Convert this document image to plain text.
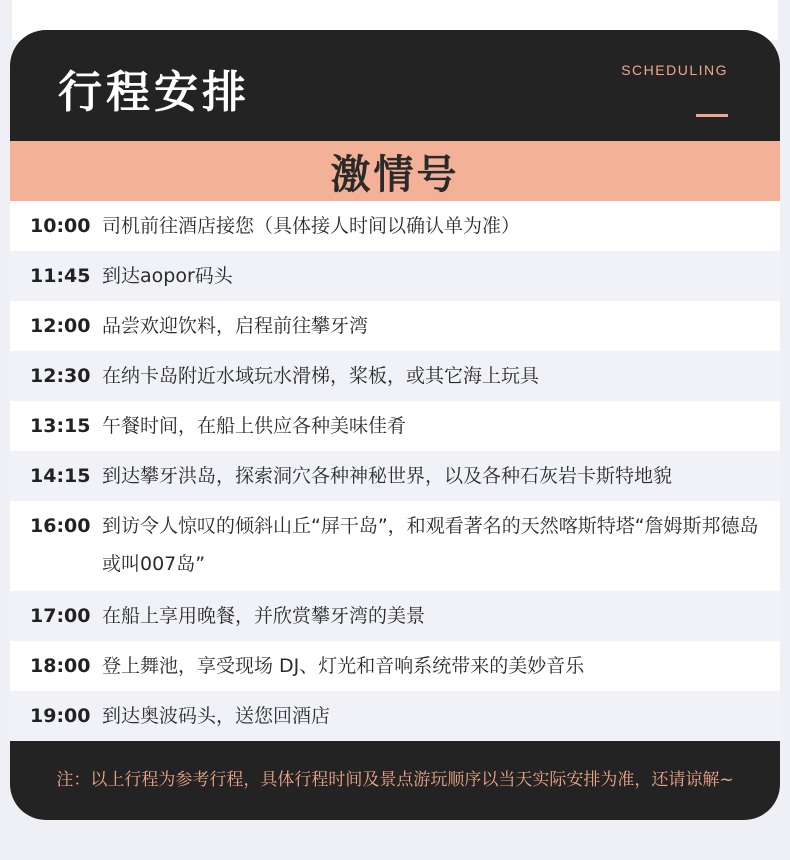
行程安排	SCHEDULING
激情号
10:00 司机前往酒店接您（具体接人时间以确认单为准）
11:45 到达aopor码头
12:00 品尝欢迎饮料，启程前往攀牙湾
12:30 在纳卡岛附近水域玩水滑梯，桨板，或其它海上玩具
13:15 午餐时间，在船上供应各种美味佳肴
14:15 到达攀牙洪岛，探索洞穴各种神秘世界，以及各种石灰岩卡斯特地貌
16:00 到访令人惊叹的倾斜山丘“屏干岛”，和观看著名的天然喀斯特塔“詹姆斯邦德岛或叫007岛”
17:00 在船上享用晚餐，并欣赏攀牙湾的美景
18:00 登上舞池，享受现场 DJ、灯光和音响系统带来的美妙音乐
19:00 到达奥波码头，送您回酒店
注：以上行程为参考行程，具体行程时间及景点游玩顺序以当天实际安排为准，还请谅解~
